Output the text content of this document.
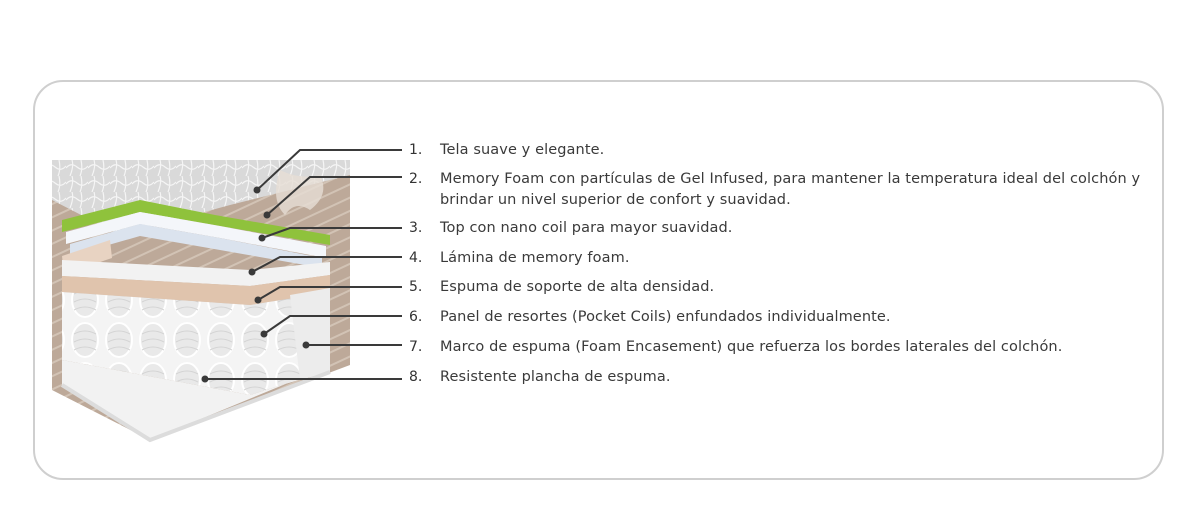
1. Tela suave y elegante.
2. Memory Foam con partículas de Gel Infused, para mantener la temperatura ideal del colchón y brindar un nivel superior de confort y suavidad.
3. Top con nano coil para mayor suavidad.
4. Lámina de memory foam.
5. Espuma de soporte de alta densidad.
6. Panel de resortes (Pocket Coils) enfundados individualmente.
7. Marco de espuma (Foam Encasement) que refuerza los bordes laterales del colchón.
8. Resistente plancha de espuma.
